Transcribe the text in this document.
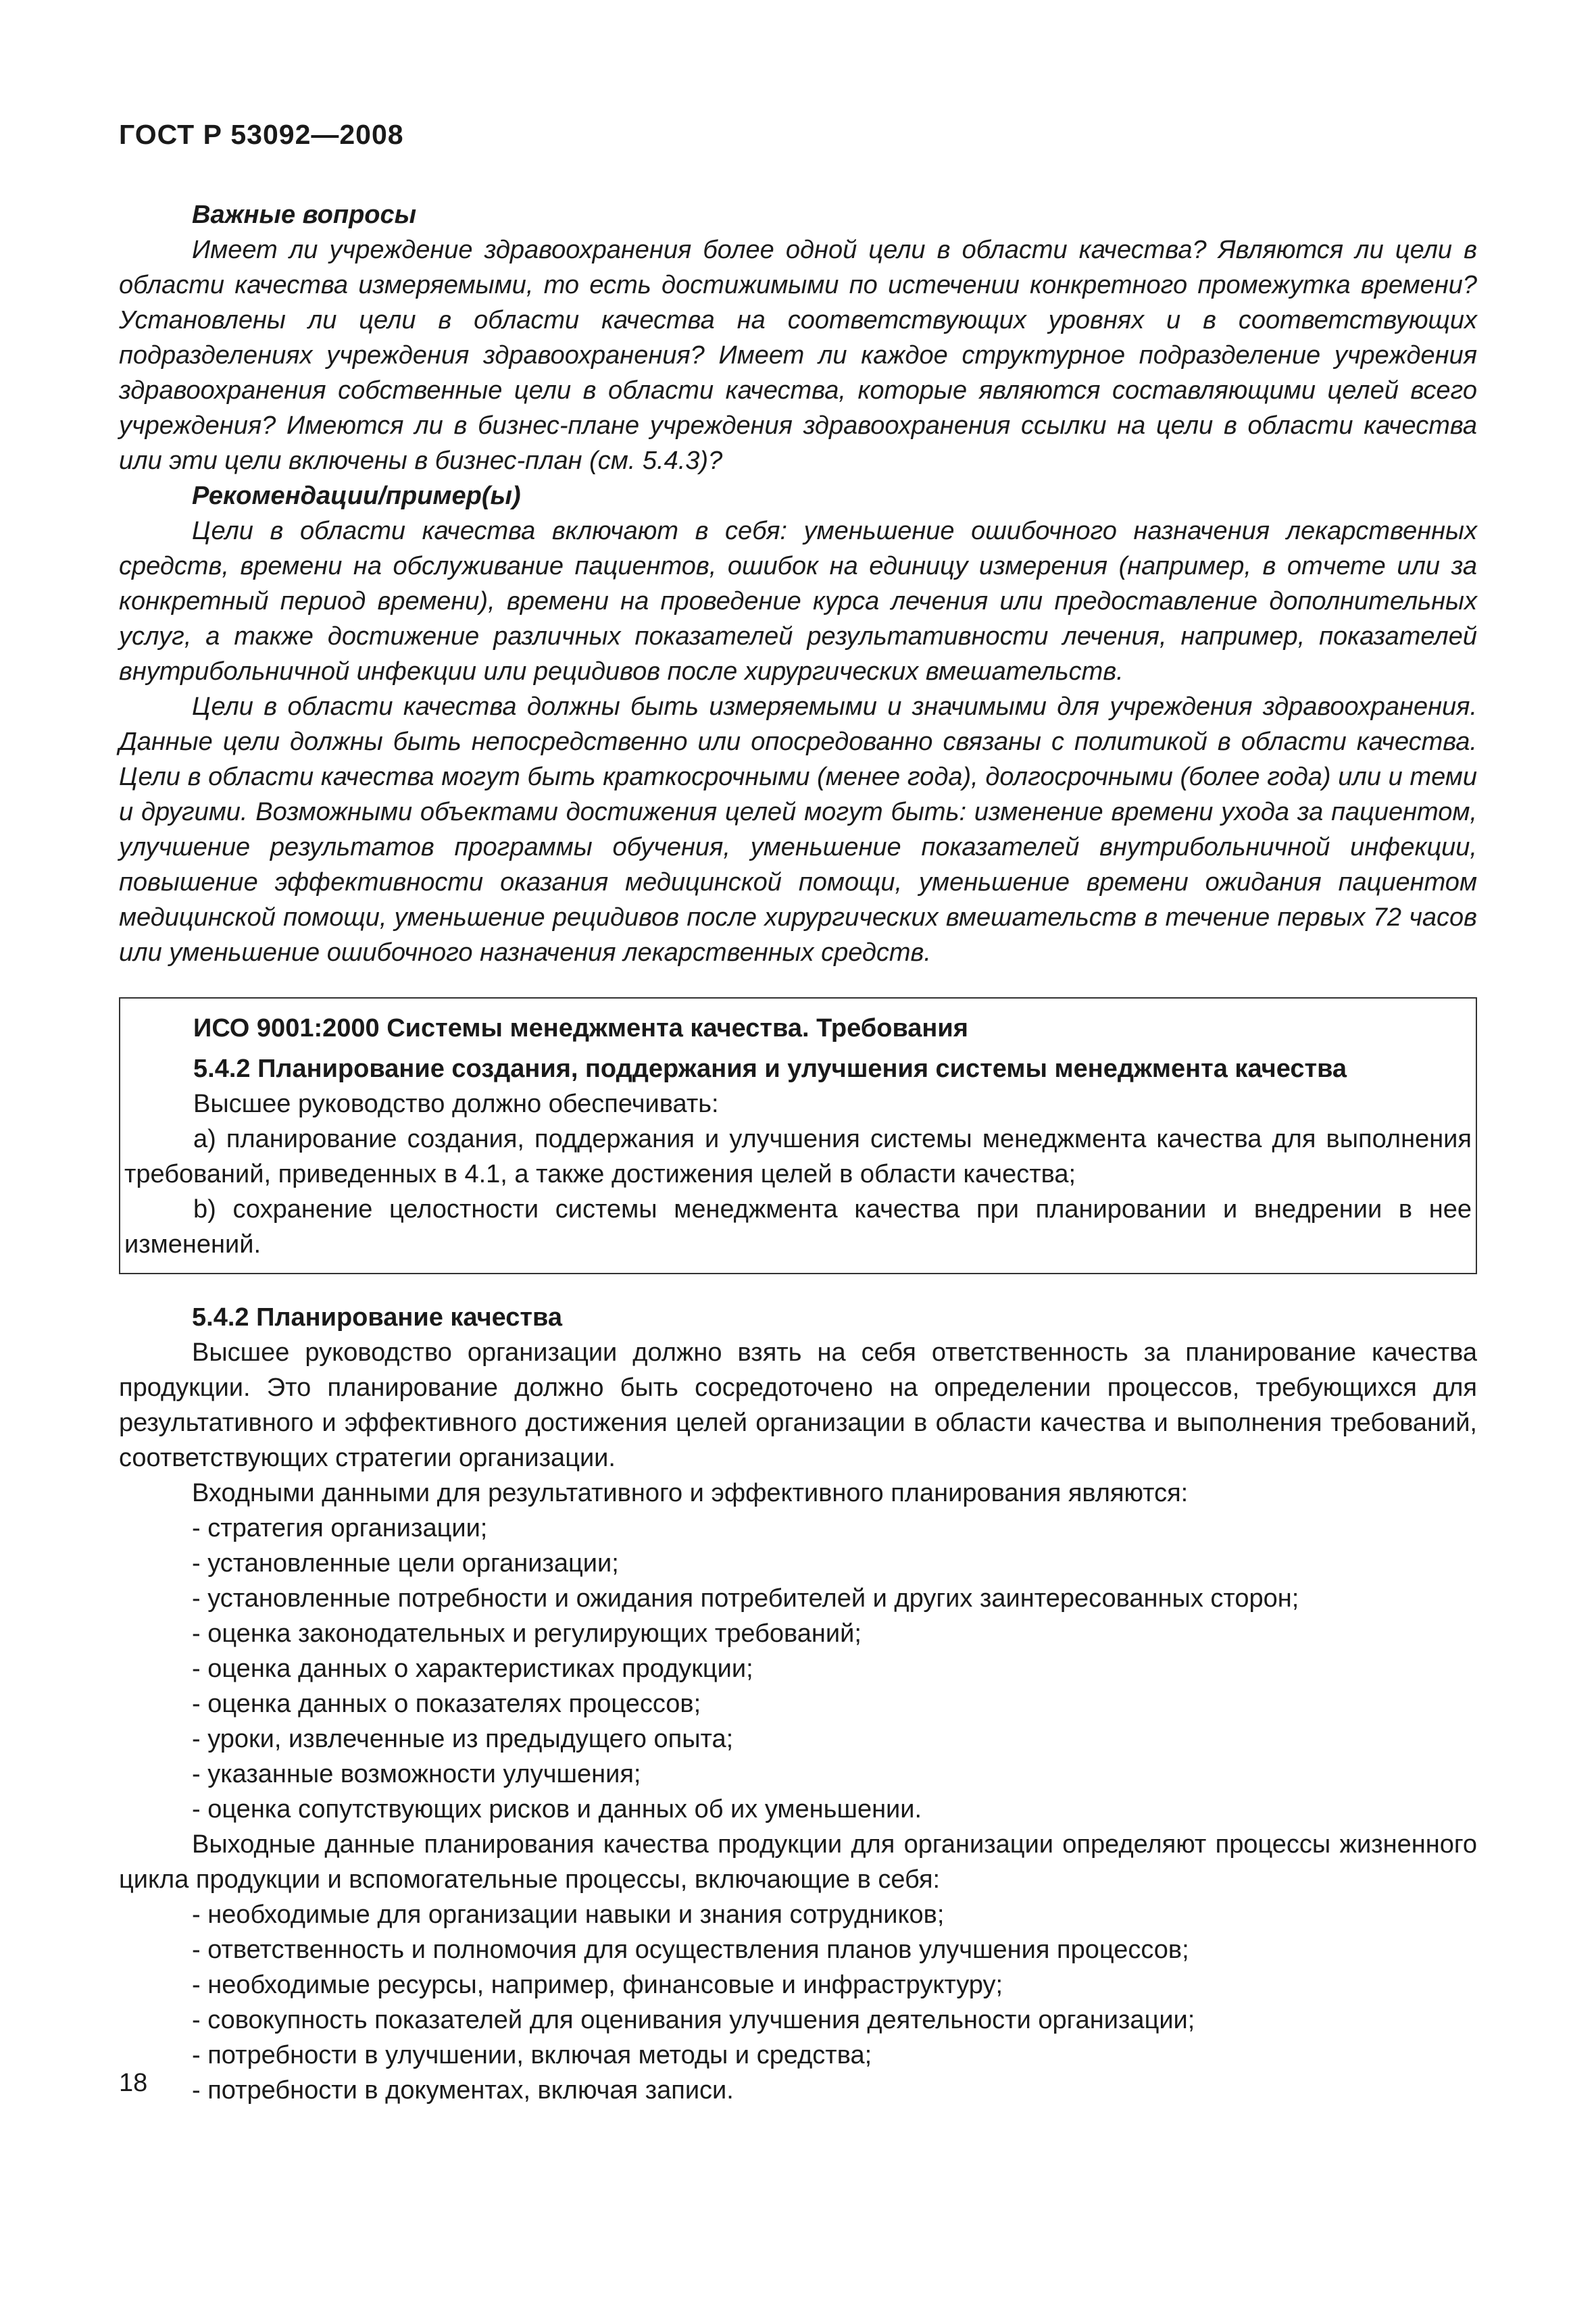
ГОСТ Р 53092—2008

Важные вопросы

Имеет ли учреждение здравоохранения более одной цели в области качества? Являются ли цели в области качества измеряемыми, то есть достижимыми по истечении конкретного промежутка времени? Установлены ли цели в области качества на соответствующих уровнях и в соответствующих подразделениях учреждения здравоохранения? Имеет ли каждое структурное подразделение учреждения здравоохранения собственные цели в области качества, которые являются составляющими целей всего учреждения? Имеются ли в бизнес-плане учреждения здравоохранения ссылки на цели в области качества или эти цели включены в бизнес-план (см. 5.4.3)?

Рекомендации/пример(ы)

Цели в области качества включают в себя: уменьшение ошибочного назначения лекарственных средств, времени на обслуживание пациентов, ошибок на единицу измерения (например, в отчете или за конкретный период времени), времени на проведение курса лечения или предоставление дополнительных услуг, а также достижение различных показателей результативности лечения, например, показателей внутрибольничной инфекции или рецидивов после хирургических вмешательств.

Цели в области качества должны быть измеряемыми и значимыми для учреждения здравоохранения. Данные цели должны быть непосредственно или опосредованно связаны с политикой в области качества. Цели в области качества могут быть краткосрочными (менее года), долгосрочными (более года) или и теми и другими. Возможными объектами достижения целей могут быть: изменение времени ухода за пациентом, улучшение результатов программы обучения, уменьшение показателей внутрибольничной инфекции, повышение эффективности оказания медицинской помощи, уменьшение времени ожидания пациентом медицинской помощи, уменьшение рецидивов после хирургических вмешательств в течение первых 72 часов или уменьшение ошибочного назначения лекарственных средств.

ИСО 9001:2000 Системы менеджмента качества. Требования

5.4.2 Планирование создания, поддержания и улучшения системы менеджмента качества

Высшее руководство должно обеспечивать:

a) планирование создания, поддержания и улучшения системы менеджмента качества для выполнения требований, приведенных в 4.1, а также достижения целей в области качества;

b) сохранение целостности системы менеджмента качества при планировании и внедрении в нее изменений.

5.4.2 Планирование качества

Высшее руководство организации должно взять на себя ответственность за планирование качества продукции. Это планирование должно быть сосредоточено на определении процессов, требующихся для результативного и эффективного достижения целей организации в области качества и выполнения требований, соответствующих стратегии организации.

Входными данными для результативного и эффективного планирования являются:

- стратегия организации;

- установленные цели организации;

- установленные потребности и ожидания потребителей и других заинтересованных сторон;

- оценка законодательных и регулирующих требований;

- оценка данных о характеристиках продукции;

- оценка данных о показателях процессов;

- уроки, извлеченные из предыдущего опыта;

- указанные возможности улучшения;

- оценка сопутствующих рисков и данных об их уменьшении.

Выходные данные планирования качества продукции для организации определяют процессы жизненного цикла продукции и вспомогательные процессы, включающие в себя:

- необходимые для организации навыки и знания сотрудников;

- ответственность и полномочия для осуществления планов улучшения процессов;

- необходимые ресурсы, например, финансовые и инфраструктуру;

- совокупность показателей для оценивания улучшения деятельности организации;

- потребности в улучшении, включая методы и средства;

- потребности в документах, включая записи.

18
